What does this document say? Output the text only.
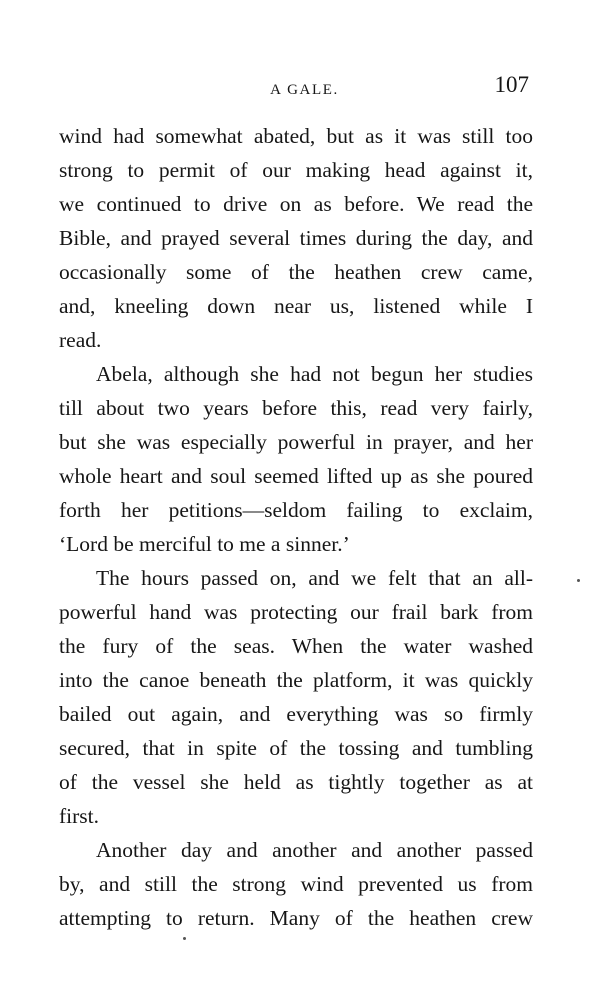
A GALE.	107
wind had somewhat abated, but as it was still too
strong to permit of our making head against it,
we continued to drive on as before. We read the
Bible, and prayed several times during the day, and
occasionally some of the heathen crew came,
and, kneeling down near us, listened while I
read.
Abela, although she had not begun her studies
till about two years before this, read very fairly,
but she was especially powerful in prayer, and her
whole heart and soul seemed lifted up as she poured
forth her petitions—seldom failing to exclaim,
‘Lord be merciful to me a sinner.’
The hours passed on, and we felt that an all-
powerful hand was protecting our frail bark from
the fury of the seas. When the water washed
into the canoe beneath the platform, it was quickly
bailed out again, and everything was so firmly
secured, that in spite of the tossing and tumbling
of the vessel she held as tightly together as at
first.
Another day and another and another passed
by, and still the strong wind prevented us from
attempting to return. Many of the heathen crew
